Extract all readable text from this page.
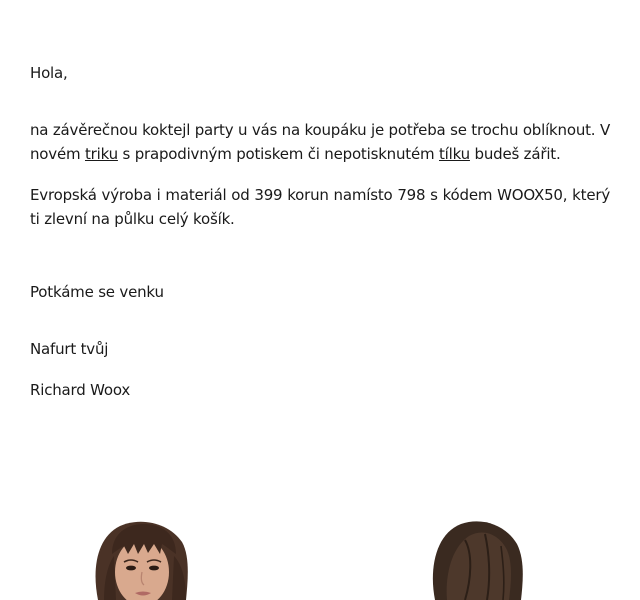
Hola,

na závěrečnou koktejl party u vás na koupáku je potřeba se trochu oblíknout. V novém triku s prapodivným potiskem či nepotisknutém tílku budeš zářit.

Evropská výroba i materiál od 399 korun namísto 798 s kódem WOOX50, který ti zlevní na půlku celý košík.

Potkáme se venku

Nafurt tvůj

Richard Woox
